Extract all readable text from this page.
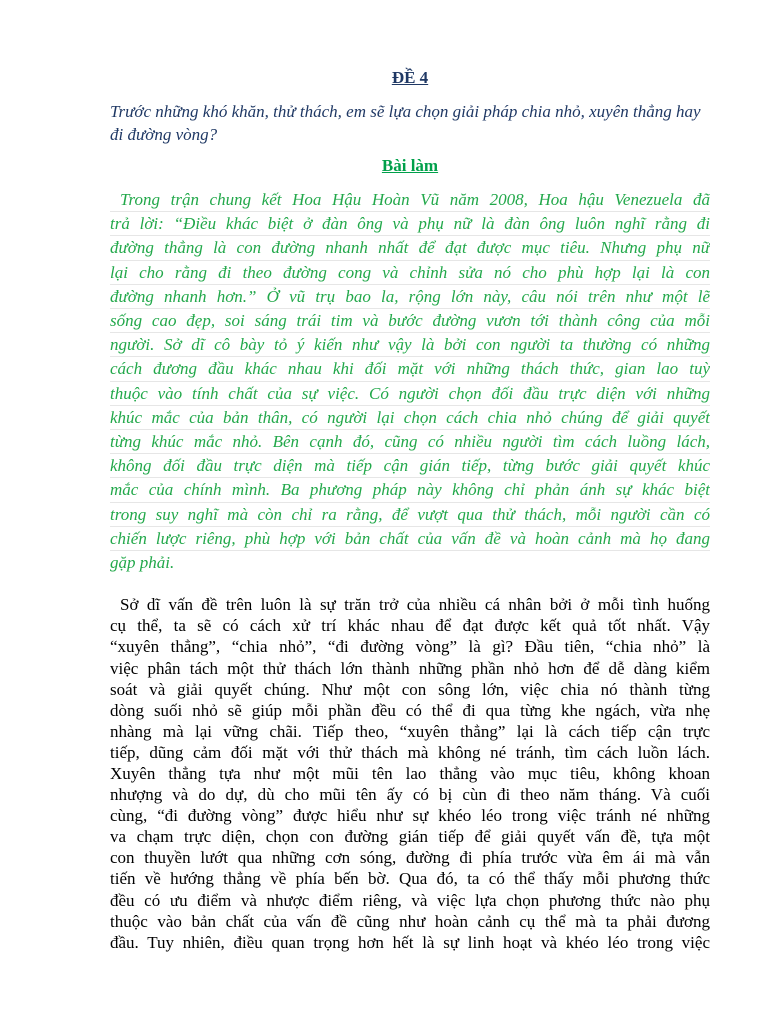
ĐỀ 4

Trước những khó khăn, thử thách, em sẽ lựa chọn giải pháp chia nhỏ, xuyên thẳng hay đi đường vòng?

Bài làm
Trong trận chung kết Hoa Hậu Hoàn Vũ năm 2008, Hoa hậu Venezuela đã
trả lời: “Điều khác biệt ở đàn ông và phụ nữ là đàn ông luôn nghĩ rằng đi
đường thẳng là con đường nhanh nhất để đạt được mục tiêu. Nhưng phụ nữ
lại cho rằng đi theo đường cong và chỉnh sửa nó cho phù hợp lại là con
đường nhanh hơn.” Ở vũ trụ bao la, rộng lớn này, câu nói trên như một lẽ
sống cao đẹp, soi sáng trái tim và bước đường vươn tới thành công của mỗi
người. Sở dĩ cô bày tỏ ý kiến như vậy là bởi con người ta thường có những
cách đương đầu khác nhau khi đối mặt với những thách thức, gian lao tuỳ
thuộc vào tính chất của sự việc. Có người chọn đối đầu trực diện với những
khúc mắc của bản thân, có người lại chọn cách chia nhỏ chúng để giải quyết
từng khúc mắc nhỏ. Bên cạnh đó, cũng có nhiều người tìm cách luồng lách,
không đối đầu trực diện mà tiếp cận gián tiếp, từng bước giải quyết khúc
mắc của chính mình. Ba phương pháp này không chỉ phản ánh sự khác biệt
trong suy nghĩ mà còn chỉ ra rằng, để vượt qua thử thách, mỗi người cần có
chiến lược riêng, phù hợp với bản chất của vấn đề và hoàn cảnh mà họ đang
gặp phải.
Sở dĩ vấn đề trên luôn là sự trăn trở của nhiều cá nhân bởi ở mỗi tình huống
cụ thể, ta sẽ có cách xử trí khác nhau để đạt được kết quả tốt nhất. Vậy
“xuyên thẳng”, “chia nhỏ”, “đi đường vòng” là gì? Đầu tiên, “chia nhỏ” là
việc phân tách một thử thách lớn thành những phần nhỏ hơn để dễ dàng kiểm
soát và giải quyết chúng. Như một con sông lớn, việc chia nó thành từng
dòng suối nhỏ sẽ giúp mỗi phần đều có thể đi qua từng khe ngách, vừa nhẹ
nhàng mà lại vững chãi. Tiếp theo, “xuyên thẳng” lại là cách tiếp cận trực
tiếp, dũng cảm đối mặt với thử thách mà không né tránh, tìm cách luồn lách.
Xuyên thẳng tựa như một mũi tên lao thẳng vào mục tiêu, không khoan
nhượng và do dự, dù cho mũi tên ấy có bị cùn đi theo năm tháng. Và cuối
cùng, “đi đường vòng” được hiểu như sự khéo léo trong việc tránh né những
va chạm trực diện, chọn con đường gián tiếp để giải quyết vấn đề, tựa một
con thuyền lướt qua những cơn sóng, đường đi phía trước vừa êm ái mà vẫn
tiến về hướng thẳng về phía bến bờ. Qua đó, ta có thể thấy mỗi phương thức
đều có ưu điểm và nhược điểm riêng, và việc lựa chọn phương thức nào phụ
thuộc vào bản chất của vấn đề cũng như hoàn cảnh cụ thể mà ta phải đương
đầu. Tuy nhiên, điều quan trọng hơn hết là sự linh hoạt và khéo léo trong việc
